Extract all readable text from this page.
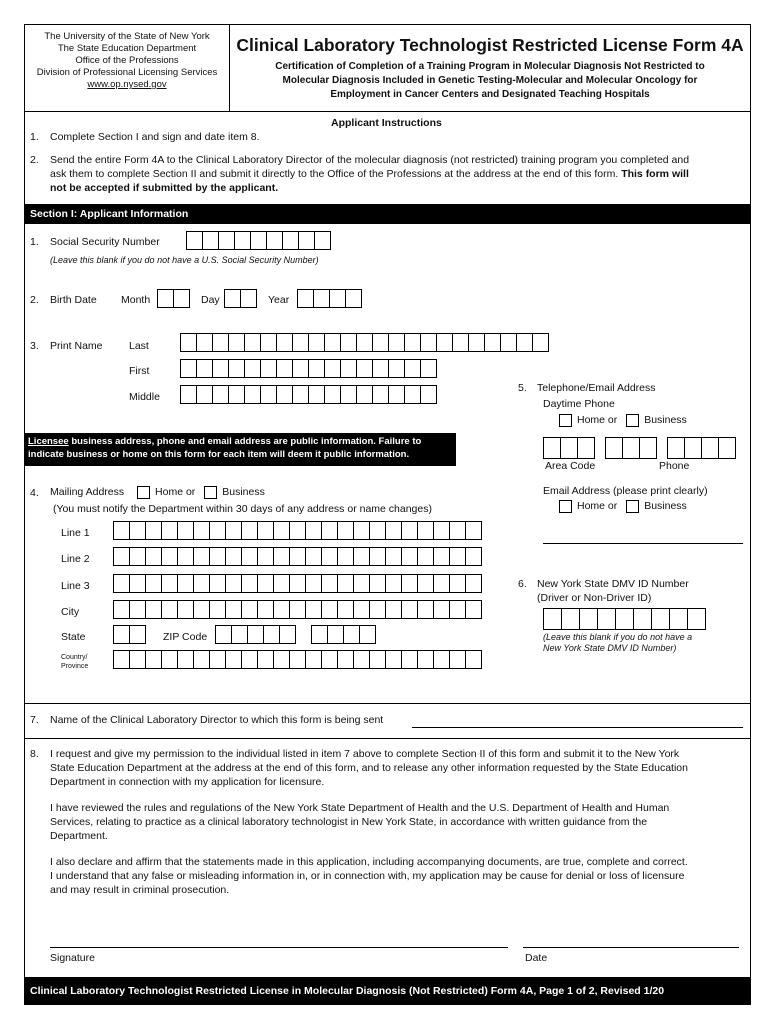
The University of the State of New York
The State Education Department
Office of the Professions
Division of Professional Licensing Services
www.op.nysed.gov
Clinical Laboratory Technologist Restricted License Form 4A
Certification of Completion of a Training Program in Molecular Diagnosis Not Restricted to
Molecular Diagnosis Included in Genetic Testing-Molecular and Molecular Oncology for
Employment in Cancer Centers and Designated Teaching Hospitals
Applicant Instructions
1. Complete Section I and sign and date item 8.
2. Send the entire Form 4A to the Clinical Laboratory Director of the molecular diagnosis (not restricted) training program you completed and
ask them to complete Section II and submit it directly to the Office of the Professions at the address at the end of this form. This form will
not be accepted if submitted by the applicant.
Section I: Applicant Information
1. Social Security Number
(Leave this blank if you do not have a U.S. Social Security Number)
2. Birth Date Month	Day	Year
3. Print Name	Last
First
Middle
Licensee business address, phone and email address are public information. Failure to
indicate business or home on this form for each item will deem it public information.
5. Telephone/Email Address
Daytime Phone
Home or	Business
Area Code	Phone
Email Address (please print clearly)
Home or	Business
4. Mailing Address	Home or	Business
(You must notify the Department within 30 days of any address or name changes)
Line 1
Line 2
Line 3
City
State	ZIP Code
Country/
Province
6. New York State DMV ID Number
(Driver or Non-Driver ID)
(Leave this blank if you do not have a
New York State DMV ID Number)
7. Name of the Clinical Laboratory Director to which this form is being sent
8. I request and give my permission to the individual listed in item 7 above to complete Section II of this form and submit it to the New York
State Education Department at the address at the end of this form, and to release any other information requested by the State Education
Department in connection with my application for licensure.
I have reviewed the rules and regulations of the New York State Department of Health and the U.S. Department of Health and Human
Services, relating to practice as a clinical laboratory technologist in New York State, in accordance with written guidance from the
Department.
I also declare and affirm that the statements made in this application, including accompanying documents, are true, complete and correct.
I understand that any false or misleading information in, or in connection with, my application may be cause for denial or loss of licensure
and may result in criminal prosecution.
Signature	Date
Clinical Laboratory Technologist Restricted License in Molecular Diagnosis (Not Restricted) Form 4A, Page 1 of 2, Revised 1/20
